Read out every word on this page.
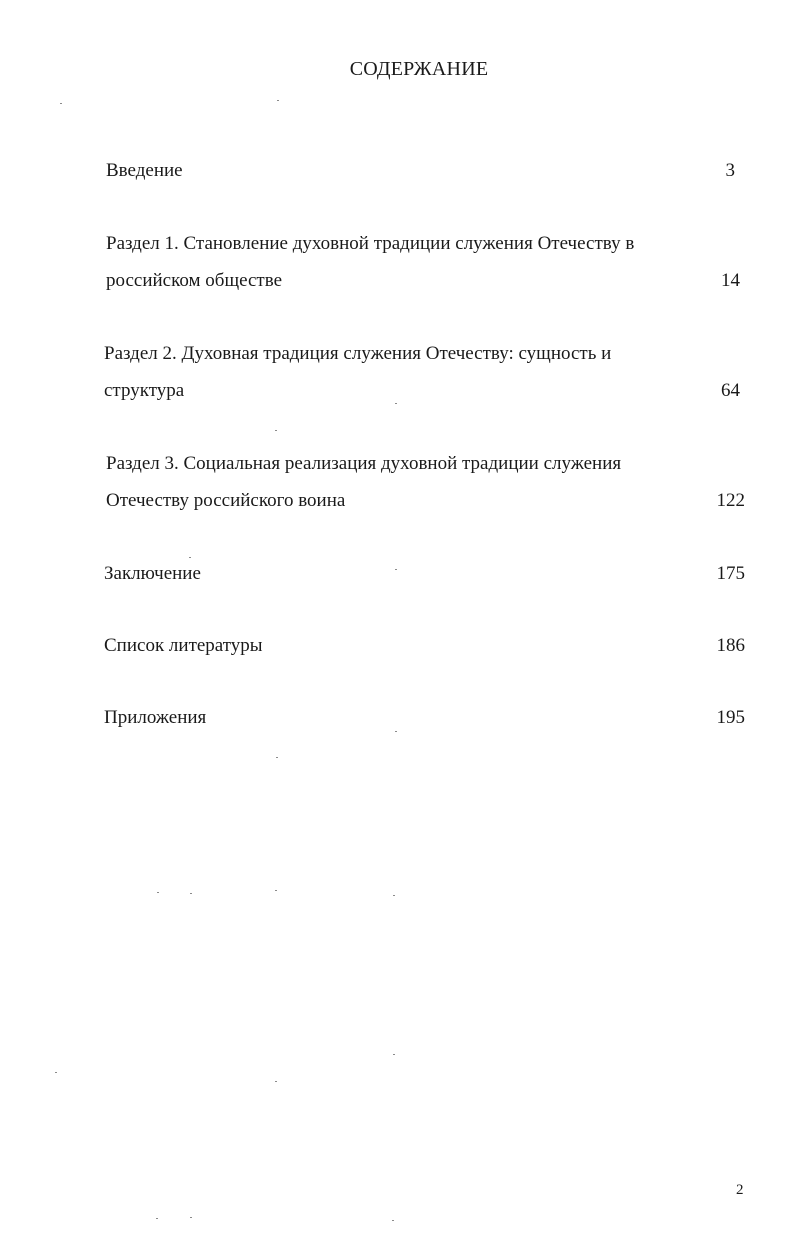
СОДЕРЖАНИЕ
Введение	3
Раздел 1. Становление духовной традиции служения Отечеству в
российском обществе	14
Раздел 2. Духовная традиция служения Отечеству: сущность и
структура	64
Раздел 3. Социальная реализация духовной традиции служения
Отечеству российского воина	122
Заключение	175
Список литературы	186
Приложения	195
2
